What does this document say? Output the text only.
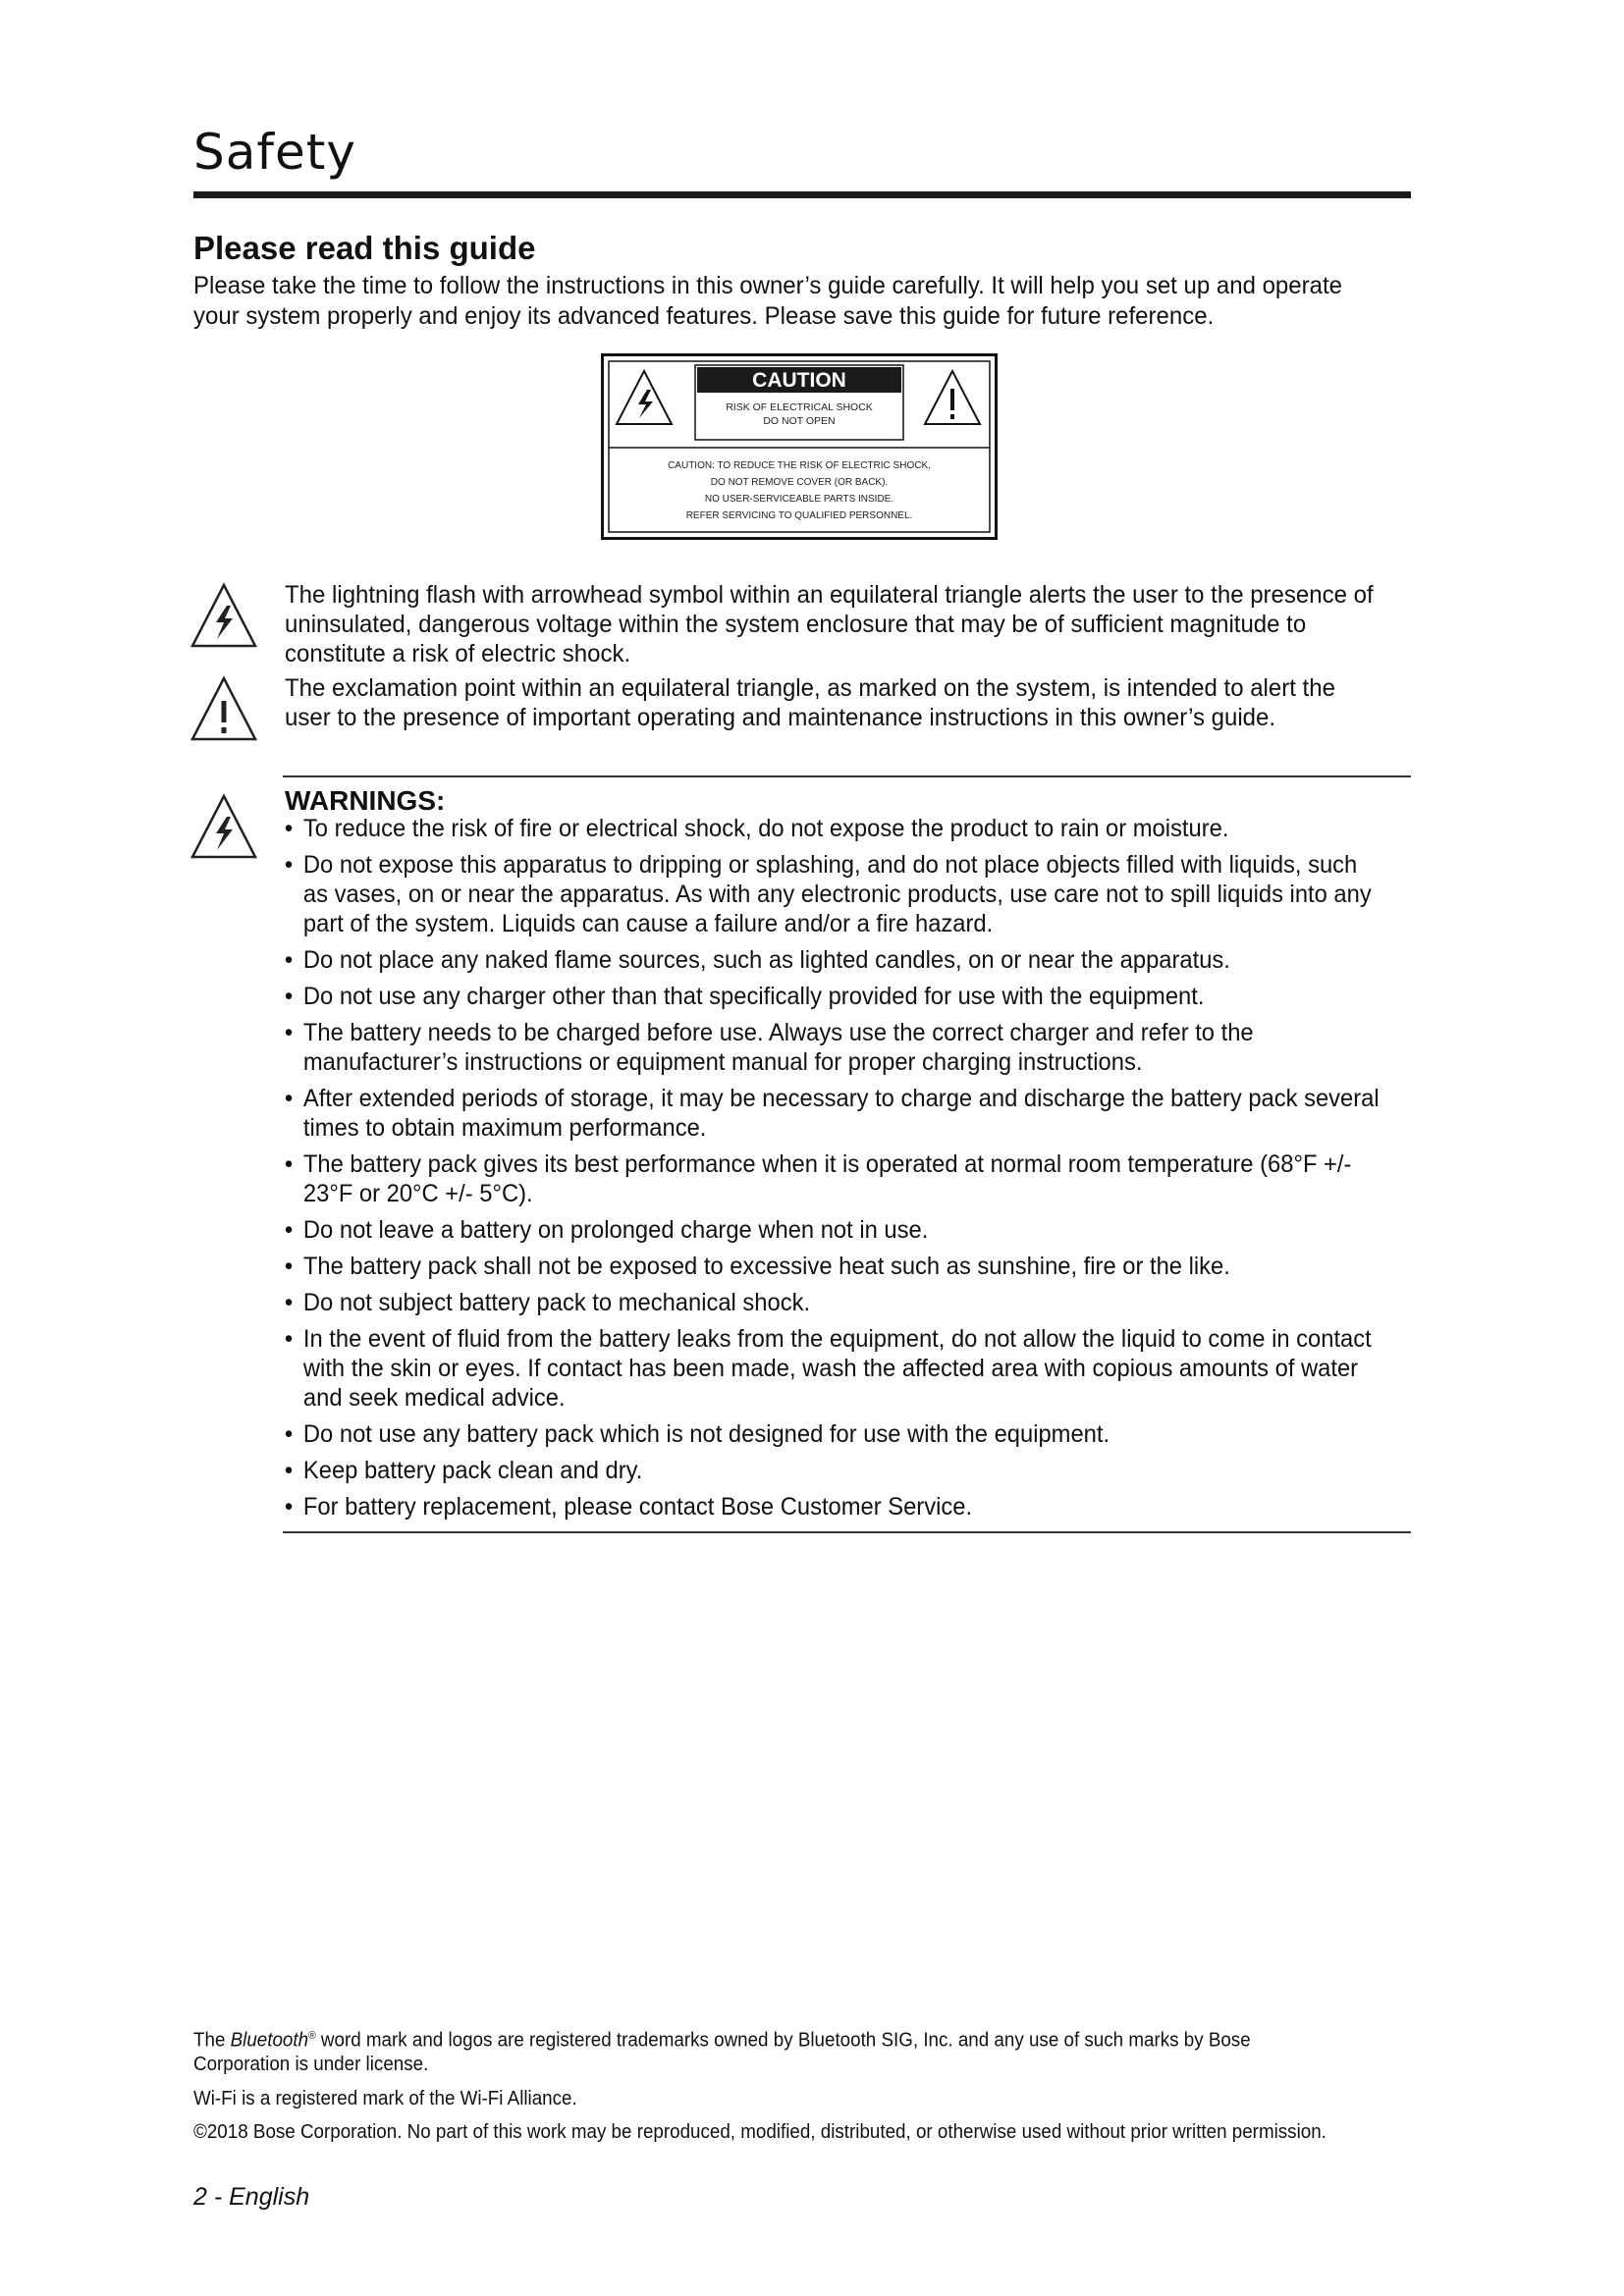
Safety
Please read this guide
Please take the time to follow the instructions in this owner’s guide carefully. It will help you set up and operate your system properly and enjoy its advanced features. Please save this guide for future reference.
CAUTION
RISK OF ELECTRICAL SHOCK
DO NOT OPEN
CAUTION: TO REDUCE THE RISK OF ELECTRIC SHOCK,
DO NOT REMOVE COVER (OR BACK).
NO USER-SERVICEABLE PARTS INSIDE.
REFER SERVICING TO QUALIFIED PERSONNEL.
The lightning flash with arrowhead symbol within an equilateral triangle alerts the user to the presence of uninsulated, dangerous voltage within the system enclosure that may be of sufficient magnitude to constitute a risk of electric shock.
The exclamation point within an equilateral triangle, as marked on the system, is intended to alert the user to the presence of important operating and maintenance instructions in this owner’s guide.
WARNINGS:
• To reduce the risk of fire or electrical shock, do not expose the product to rain or moisture.
• Do not expose this apparatus to dripping or splashing, and do not place objects filled with liquids, such as vases, on or near the apparatus. As with any electronic products, use care not to spill liquids into any part of the system. Liquids can cause a failure and/or a fire hazard.
• Do not place any naked flame sources, such as lighted candles, on or near the apparatus.
• Do not use any charger other than that specifically provided for use with the equipment.
• The battery needs to be charged before use. Always use the correct charger and refer to the manufacturer’s instructions or equipment manual for proper charging instructions.
• After extended periods of storage, it may be necessary to charge and discharge the battery pack several times to obtain maximum performance.
• The battery pack gives its best performance when it is operated at normal room temperature (68°F +/- 23°F or 20°C +/- 5°C).
• Do not leave a battery on prolonged charge when not in use.
• The battery pack shall not be exposed to excessive heat such as sunshine, fire or the like.
• Do not subject battery pack to mechanical shock.
• In the event of fluid from the battery leaks from the equipment, do not allow the liquid to come in contact with the skin or eyes. If contact has been made, wash the affected area with copious amounts of water and seek medical advice.
• Do not use any battery pack which is not designed for use with the equipment.
• Keep battery pack clean and dry.
• For battery replacement, please contact Bose Customer Service.
The Bluetooth® word mark and logos are registered trademarks owned by Bluetooth SIG, Inc. and any use of such marks by Bose Corporation is under license.
Wi-Fi is a registered mark of the Wi-Fi Alliance.
©2018 Bose Corporation. No part of this work may be reproduced, modified, distributed, or otherwise used without prior written permission.
2 - English
